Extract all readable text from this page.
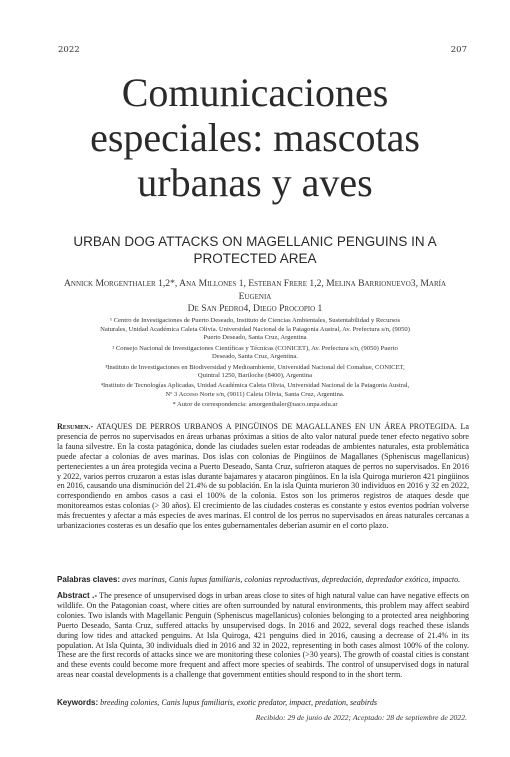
2022	207
Comunicaciones
especiales: mascotas
urbanas y aves
URBAN DOG ATTACKS ON MAGELLANIC PENGUINS IN A
PROTECTED AREA
Annick Morgenthaler 1,2*, Ana Millones 1, Esteban Frere 1,2, Melina Barrionuevo3, María Eugenia
De San Pedro4, Diego Procopio 1

¹ Centro de Investigaciones de Puerto Deseado, Instituto de Ciencias Ambientales, Sustentabilidad y Recursos Naturales, Unidad Académica Caleta Olivia. Universidad Nacional de la Patagonia Austral, Av. Prefectura s/n, (9050) Puerto Deseado, Santa Cruz, Argentina

² Consejo Nacional de Investigaciones Científicas y Técnicas (CONICET), Av. Prefectura s/n, (9050) Puerto Deseado, Santa Cruz, Argentina.

³Instituto de Investigaciones en Biodiversidad y Medioambiente, Universidad Nacional del Comahue, CONICET, Quintral 1250, Bariloche (8400), Argentina

⁴Instituto de Tecnologías Aplicadas, Unidad Académica Caleta Olivia, Universidad Nacional de la Patagonia Austral, Nº 3 Acceso Norte s/n, (9011) Caleta Olivia, Santa Cruz, Argentina.

* Autor de correspondencia: amorgenthaler@uaco.unpa.edu.ar

Resumen.- ATAQUES DE PERROS URBANOS A PINGÜINOS DE MAGALLANES EN UN ÁREA PROTEGIDA. La presencia de perros no supervisados en áreas urbanas próximas a sitios de alto valor natural puede tener efecto negativo sobre la fauna silvestre. En la costa patagónica, donde las ciudades suelen estar rodeadas de ambientes naturales, esta problemática puede afectar a colonias de aves marinas. Dos islas con colonias de Pingüinos de Magallanes (Spheniscus magellanicus) pertenecientes a un área protegida vecina a Puerto Deseado, Santa Cruz, sufrieron ataques de perros no supervisados. En 2016 y 2022, varios perros cruzaron a estas islas durante bajamares y atacaron pingüinos. En la isla Quiroga murieron 421 pingüinos en 2016, causando una disminución del 21.4% de su población. En la isla Quinta murieron 30 individuos en 2016 y 32 en 2022, correspondiendo en ambos casos a casi el 100% de la colonia. Estos son los primeros registros de ataques desde que monitoreamos estas colonias (> 30 años). El crecimiento de las ciudades costeras es constante y estos eventos podrían volverse más frecuentes y afectar a más especies de aves marinas. El control de los perros no supervisados en áreas naturales cercanas a urbanizaciones costeras es un desafío que los entes gubernamentales deberían asumir en el corto plazo.

Palabras claves: aves marinas, Canis lupus familiaris, colonias reproductivas, depredación, depredador exótico, impacto.

Abstract .- The presence of unsupervised dogs in urban areas close to sites of high natural value can have negative effects on wildlife. On the Patagonian coast, where cities are often surrounded by natural environments, this problem may affect seabird colonies. Two islands with Magellanic Penguin (Spheniscus magellanicus) colonies belonging to a protected area neighboring Puerto Deseado, Santa Cruz, suffered attacks by unsupervised dogs. In 2016 and 2022, several dogs reached these islands during low tides and attacked penguins. At Isla Quiroga, 421 penguins died in 2016, causing a decrease of 21.4% in its population. At Isla Quinta, 30 individuals died in 2016 and 32 in 2022, representing in both cases almost 100% of the colony. These are the first records of attacks since we are monitoring these colonies (>30 years). The growth of coastal cities is constant and these events could become more frequent and affect more species of seabirds. The control of unsupervised dogs in natural areas near coastal developments is a challenge that government entities should respond to in the short term.

Keywords: breeding colonies, Canis lupus familiaris, exotic predator, impact, predation, seabirds

Recibido: 29 de junio de 2022; Aceptado: 28 de septiembre de 2022.
